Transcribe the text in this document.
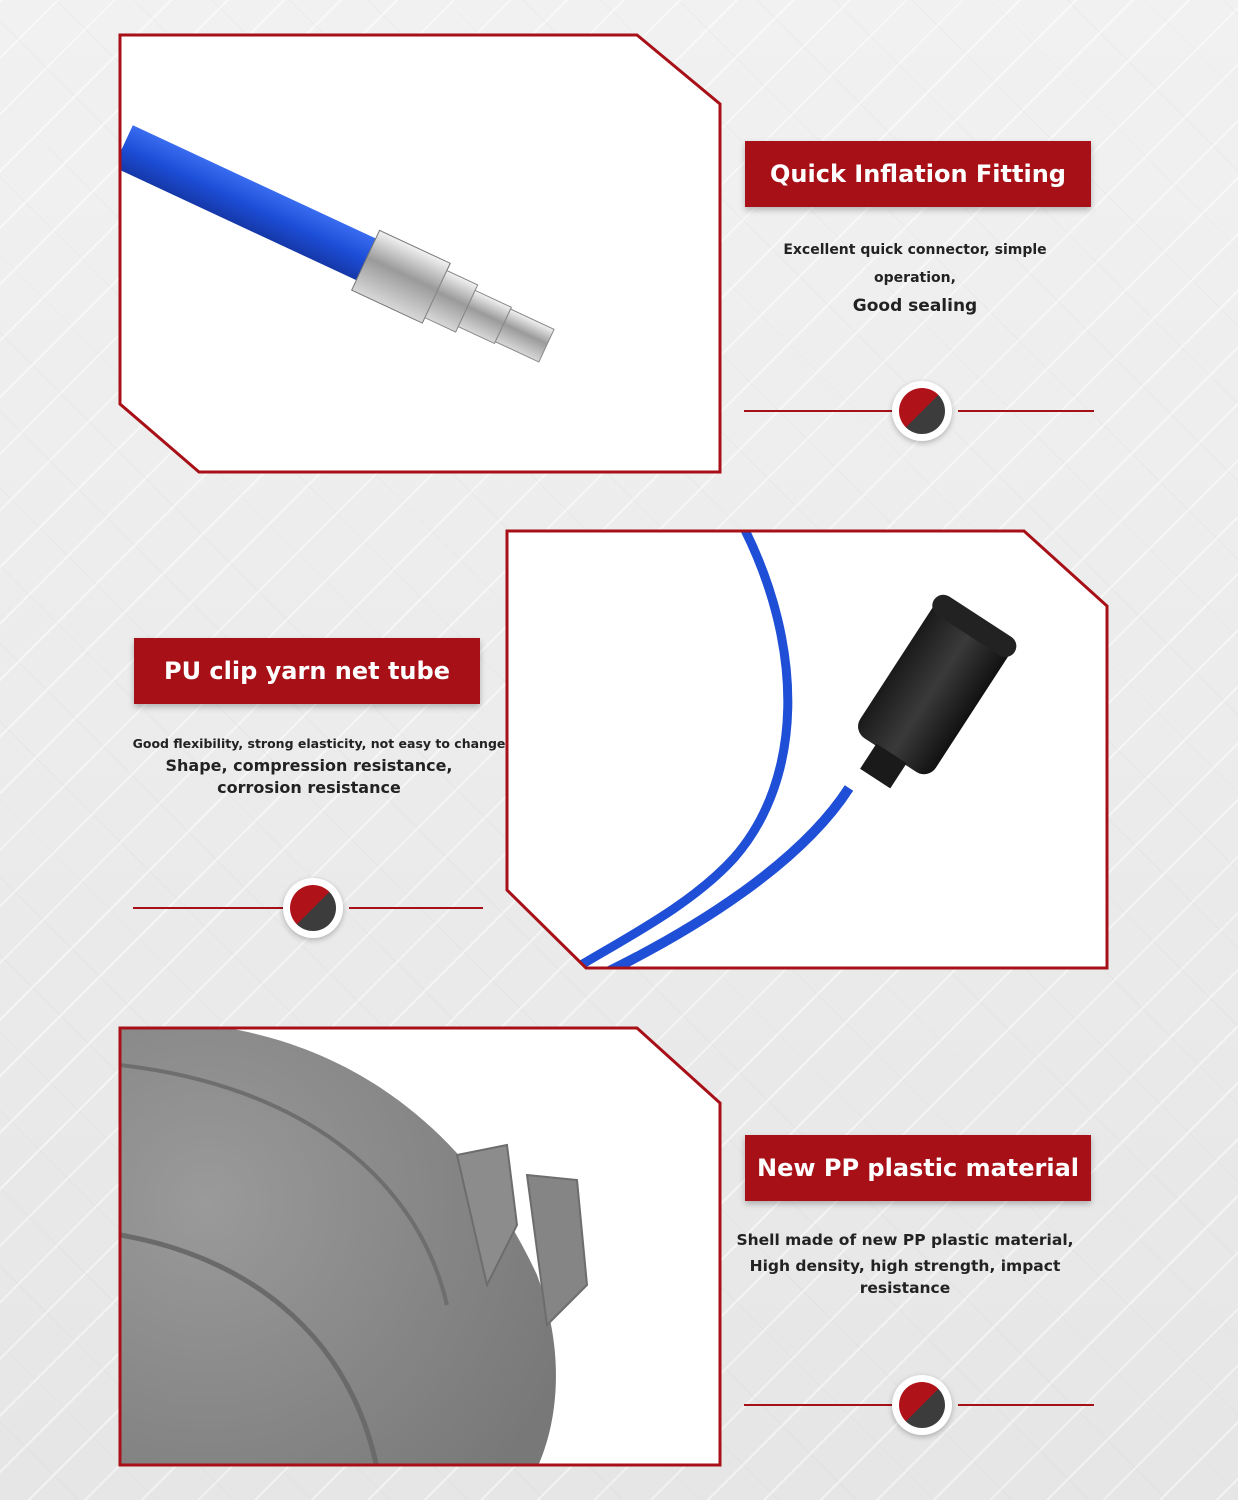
Quick Inflation Fitting
Excellent quick connector, simple operation,
Good sealing
PU clip yarn net tube
Good flexibility, strong elasticity, not easy to change
Shape, compression resistance,
corrosion resistance
New PP plastic material
Shell made of new PP plastic material,
High density, high strength, impact
resistance
